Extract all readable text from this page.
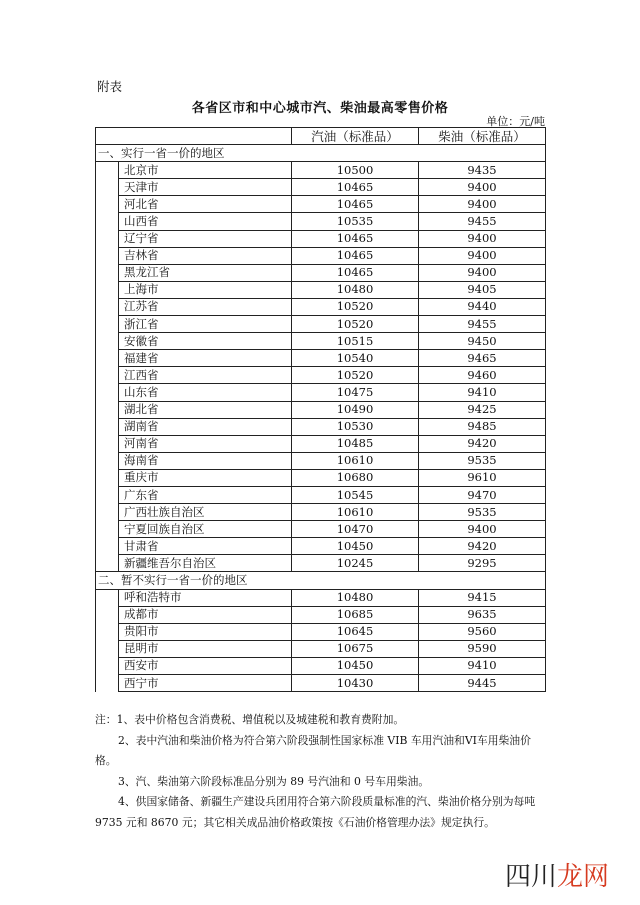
附表
各省区市和中心城市汽、柴油最高零售价格
单位：元/吨
		汽油（标准品）	柴油（标准品）
一、实行一省一价的地区			
	北京市	10500	9435
	天津市	10465	9400
	河北省	10465	9400
	山西省	10535	9455
	辽宁省	10465	9400
	吉林省	10465	9400
	黑龙江省	10465	9400
	上海市	10480	9405
	江苏省	10520	9440
	浙江省	10520	9455
	安徽省	10515	9450
	福建省	10540	9465
	江西省	10520	9460
	山东省	10475	9410
	湖北省	10490	9425
	湖南省	10530	9485
	河南省	10485	9420
	海南省	10610	9535
	重庆市	10680	9610
	广东省	10545	9470
	广西壮族自治区	10610	9535
	宁夏回族自治区	10470	9400
	甘肃省	10450	9420
	新疆维吾尔自治区	10245	9295
二、暂不实行一省一价的地区			
	呼和浩特市	10480	9415
	成都市	10685	9635
	贵阳市	10645	9560
	昆明市	10675	9590
	西安市	10450	9410
	西宁市	10430	9445

注：1、表中价格包含消费税、增值税以及城建税和教育费附加。

2、表中汽油和柴油价格为符合第六阶段强制性国家标准 VIB 车用汽油和VI车用柴油价格。

3、汽、柴油第六阶段标准品分别为 89 号汽油和 0 号车用柴油。

4、供国家储备、新疆生产建设兵团用符合第六阶段质量标准的汽、柴油价格分别为每吨 9735 元和 8670 元；其它相关成品油价格政策按《石油价格管理办法》规定执行。

四川龙网
